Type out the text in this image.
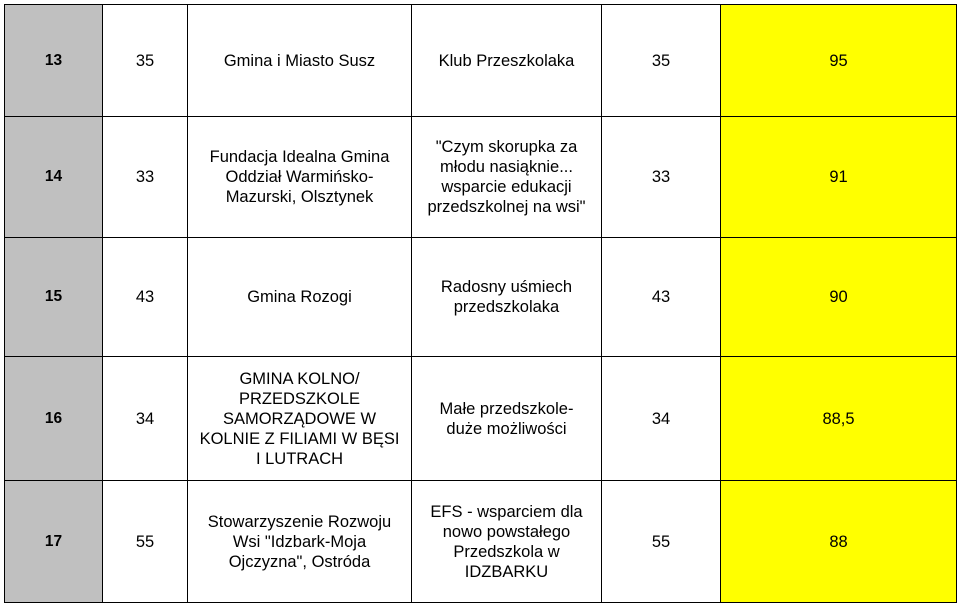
13	35	Gmina i Miasto Susz	Klub Przeszkolaka	35	95
14	33	Fundacja Idealna Gmina
Oddział Warmińsko-
Mazurski, Olsztynek	"Czym skorupka za
młodu nasiąknie...
wsparcie edukacji
przedszkolnej na wsi"	33	91
15	43	Gmina Rozogi	Radosny uśmiech
przedszkolaka	43	90
16	34	GMINA KOLNO/
PRZEDSZKOLE
SAMORZĄDOWE W
KOLNIE Z FILIAMI W BĘSI
I LUTRACH	Małe przedszkole-
duże możliwości	34	88,5
17	55	Stowarzyszenie Rozwoju
Wsi "Idzbark-Moja
Ojczyzna", Ostróda	EFS - wsparciem dla
nowo powstałego
Przedszkola w
IDZBARKU	55	88
